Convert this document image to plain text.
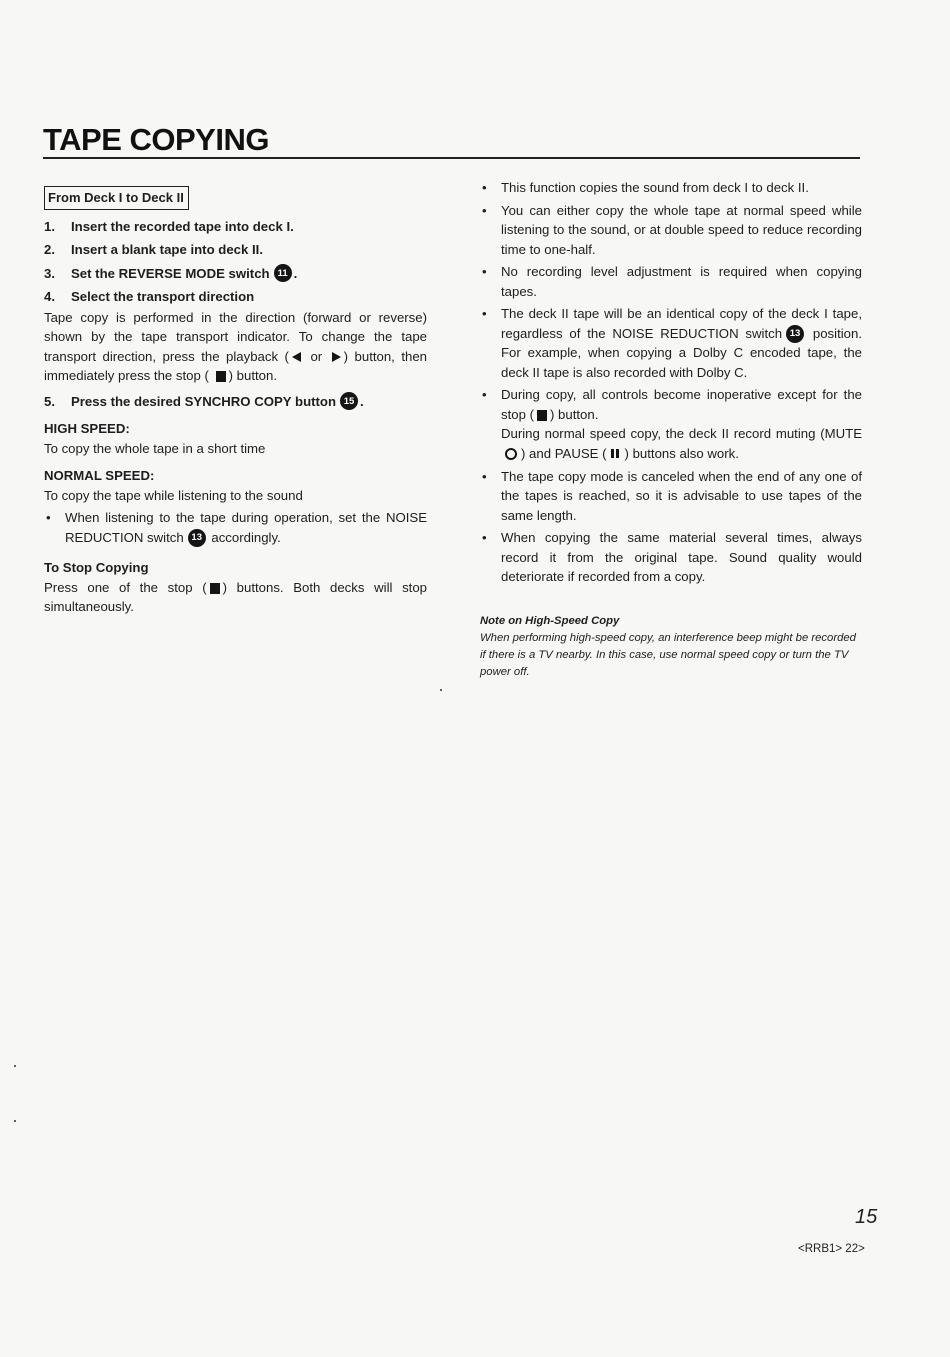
TAPE COPYING
From Deck I to Deck II
1.	Insert the recorded tape into deck I.
2.	Insert a blank tape into deck II.
3.	Set the REVERSE MODE switch 11 .
4.	Select the transport direction

Tape copy is performed in the direction (forward or reverse) shown by the tape transport indicator. To change the tape transport direction, press the playback ( or ) button, then immediately press the stop ( ) button.

5.	Press the desired SYNCHRO COPY button 15 .
HIGH SPEED:
To copy the whole tape in a short time
NORMAL SPEED:
To copy the tape while listening to the sound
•	When listening to the tape during operation, set the NOISE REDUCTION switch 13 accordingly.
To Stop Copying

Press one of the stop ( ) buttons. Both decks will stop simultaneously.

•	This function copies the sound from deck I to deck II.
•	You can either copy the whole tape at normal speed while listening to the sound, or at double speed to reduce recording time to one-half.
•	No recording level adjustment is required when copying tapes.
•	The deck II tape will be an identical copy of the deck I tape, regardless of the NOISE REDUCTION switch 13 position. For example, when copying a Dolby C encoded tape, the deck II tape is also recorded with Dolby C.
•	During copy, all controls become inoperative except for the stop ( ) button.
During normal speed copy, the deck II record muting (MUTE) and PAUSE ( ) buttons also work.
•	The tape copy mode is canceled when the end of any one of the tapes is reached, so it is advisable to use tapes of the same length.
•	When copying the same material several times, always record it from the original tape. Sound quality would deteriorate if recorded from a copy.
Note on High-Speed Copy
When performing high-speed copy, an interference beep might be recorded if there is a TV nearby. In this case, use normal speed copy or turn the TV power off.
15
<RRB1> 22>
